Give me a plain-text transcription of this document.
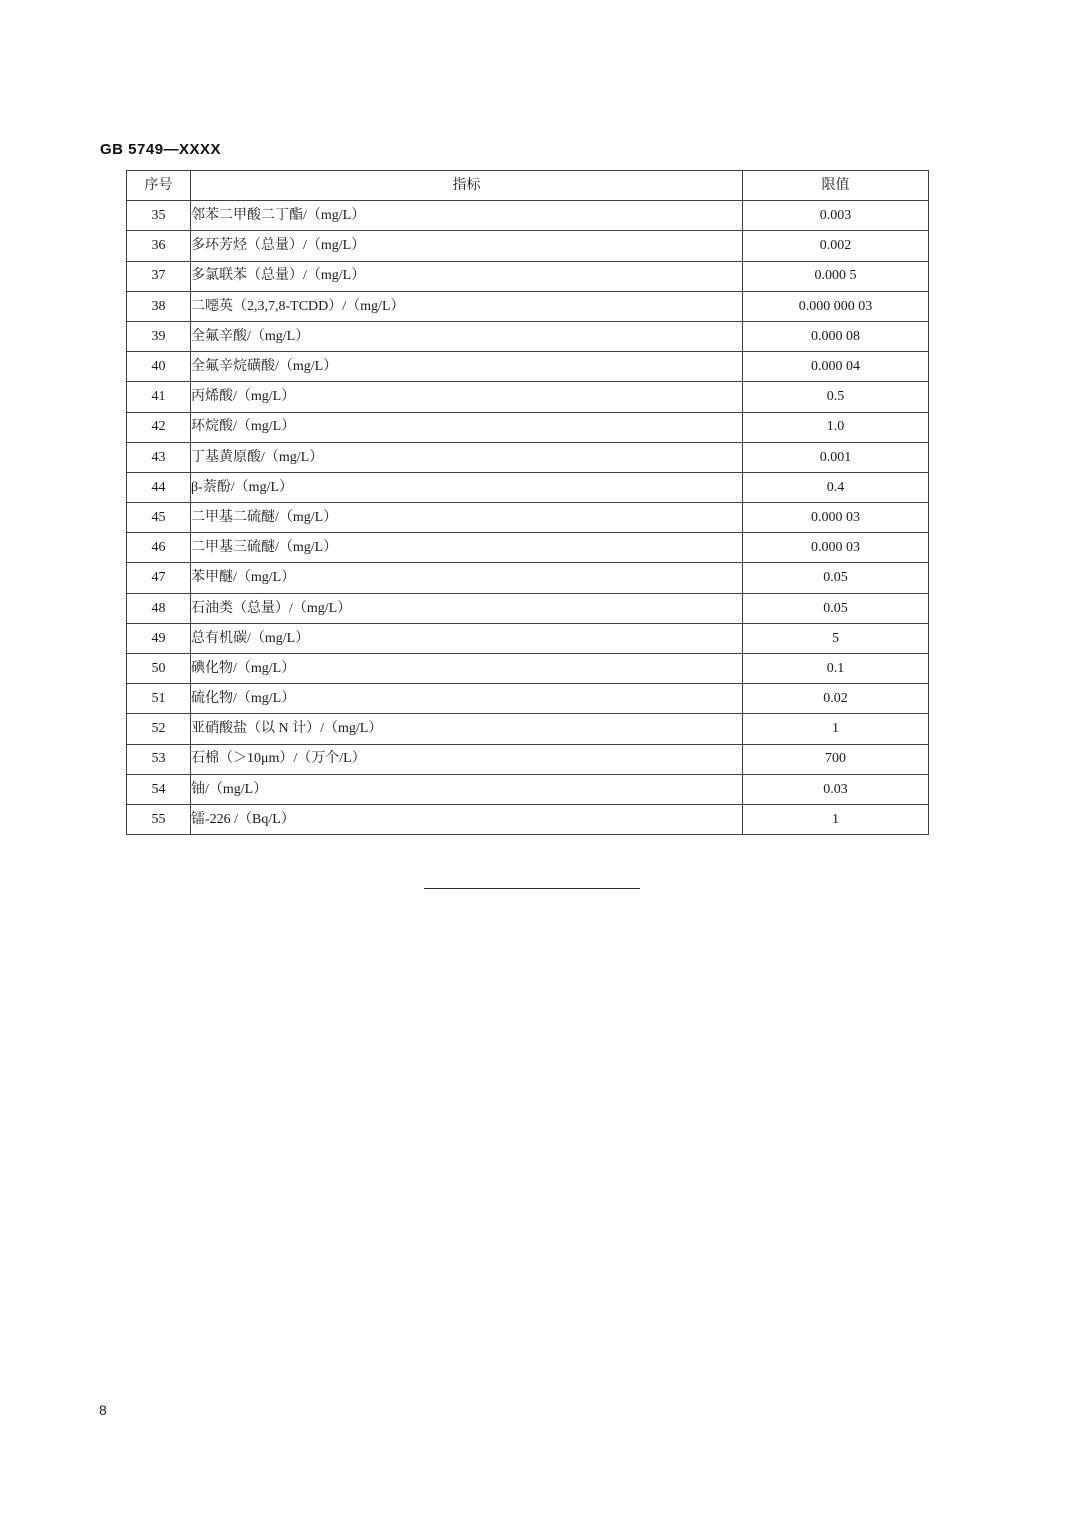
GB 5749—XXXX
序号	指标	限值
35	邻苯二甲酸二丁酯/（mg/L）	0.003
36	多环芳烃（总量）/（mg/L）	0.002
37	多氯联苯（总量）/（mg/L）	0.000 5
38	二噁英（2,3,7,8-TCDD）/（mg/L）	0.000 000 03
39	全氟辛酸/（mg/L）	0.000 08
40	全氟辛烷磺酸/（mg/L）	0.000 04
41	丙烯酸/（mg/L）	0.5
42	环烷酸/（mg/L）	1.0
43	丁基黄原酸/（mg/L）	0.001
44	β-萘酚/（mg/L）	0.4
45	二甲基二硫醚/（mg/L）	0.000 03
46	二甲基三硫醚/（mg/L）	0.000 03
47	苯甲醚/（mg/L）	0.05
48	石油类（总量）/（mg/L）	0.05
49	总有机碳/（mg/L）	5
50	碘化物/（mg/L）	0.1
51	硫化物/（mg/L）	0.02
52	亚硝酸盐（以 N 计）/（mg/L）	1
53	石棉（＞10μm）/（万个/L）	700
54	铀/（mg/L）	0.03
55	镭-226 /（Bq/L）	1
8
